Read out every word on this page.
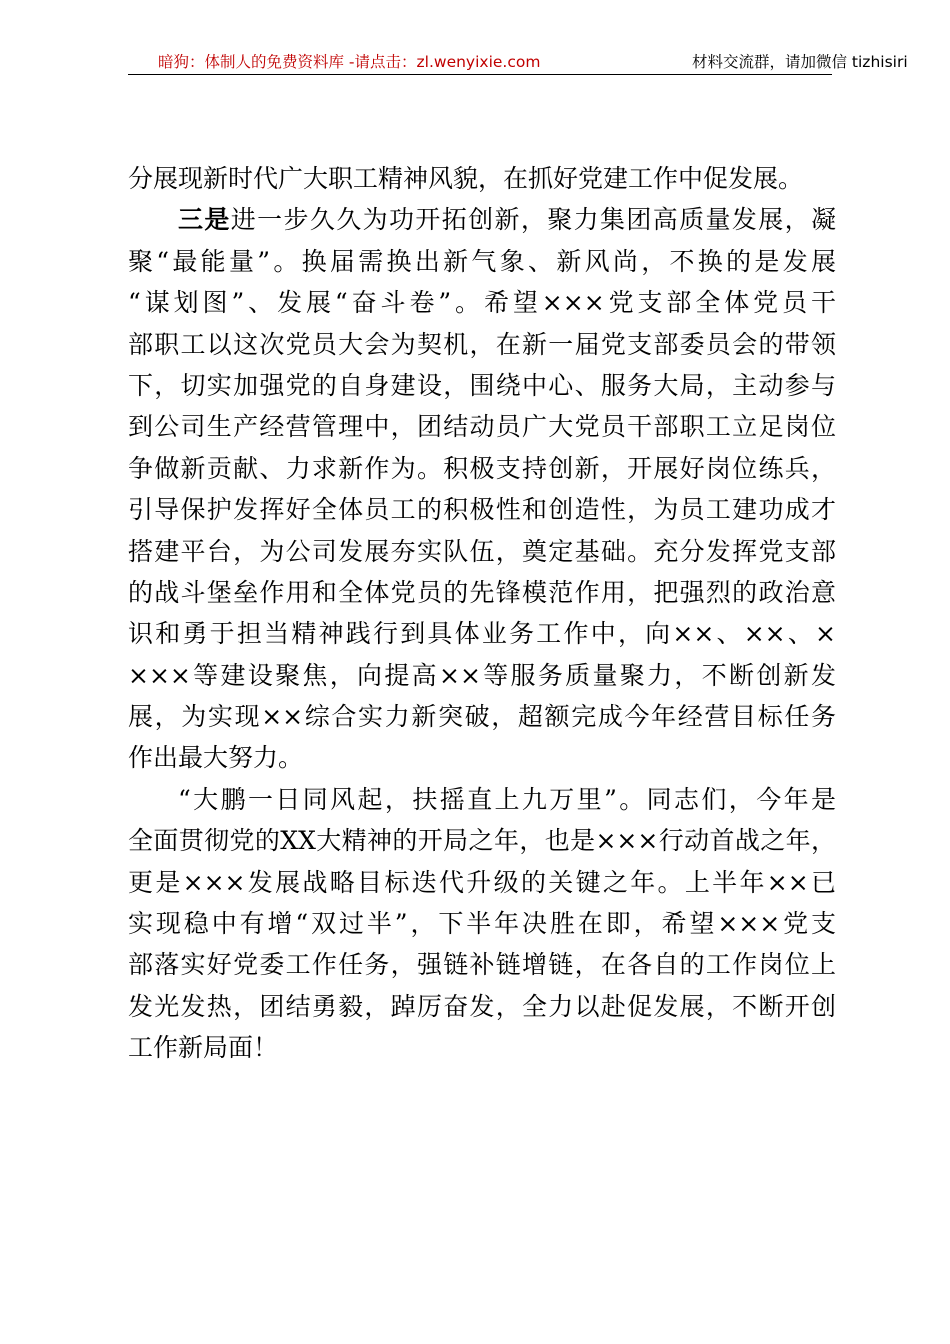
暗狗：体制人的免费资料库 -请点击：zl.wenyixie.com	材料交流群，请加微信 tizhisiri
分展现新时代广大职工精神风貌，在抓好党建工作中促发展。
三是进一步久久为功开拓创新，聚力集团高质量发展，凝
聚“最能量”。换届需换出新气象、新风尚，不换的是发展
“谋划图”、发展“奋斗卷”。希望×××党支部全体党员干
部职工以这次党员大会为契机，在新一届党支部委员会的带领
下，切实加强党的自身建设，围绕中心、服务大局，主动参与
到公司生产经营管理中，团结动员广大党员干部职工立足岗位
争做新贡献、力求新作为。积极支持创新，开展好岗位练兵，
引导保护发挥好全体员工的积极性和创造性，为员工建功成才
搭建平台，为公司发展夯实队伍，奠定基础。充分发挥党支部
的战斗堡垒作用和全体党员的先锋模范作用，把强烈的政治意
识和勇于担当精神践行到具体业务工作中，向××、××、×
×××等建设聚焦，向提高××等服务质量聚力，不断创新发
展，为实现××综合实力新突破，超额完成今年经营目标任务
作出最大努力。
“大鹏一日同风起，扶摇直上九万里”。同志们，今年是
全面贯彻党的XX大精神的开局之年，也是×××行动首战之年，
更是×××发展战略目标迭代升级的关键之年。上半年××已
实现稳中有增“双过半”，下半年决胜在即，希望×××党支
部落实好党委工作任务，强链补链增链，在各自的工作岗位上
发光发热，团结勇毅，踔厉奋发，全力以赴促发展，不断开创
工作新局面！
